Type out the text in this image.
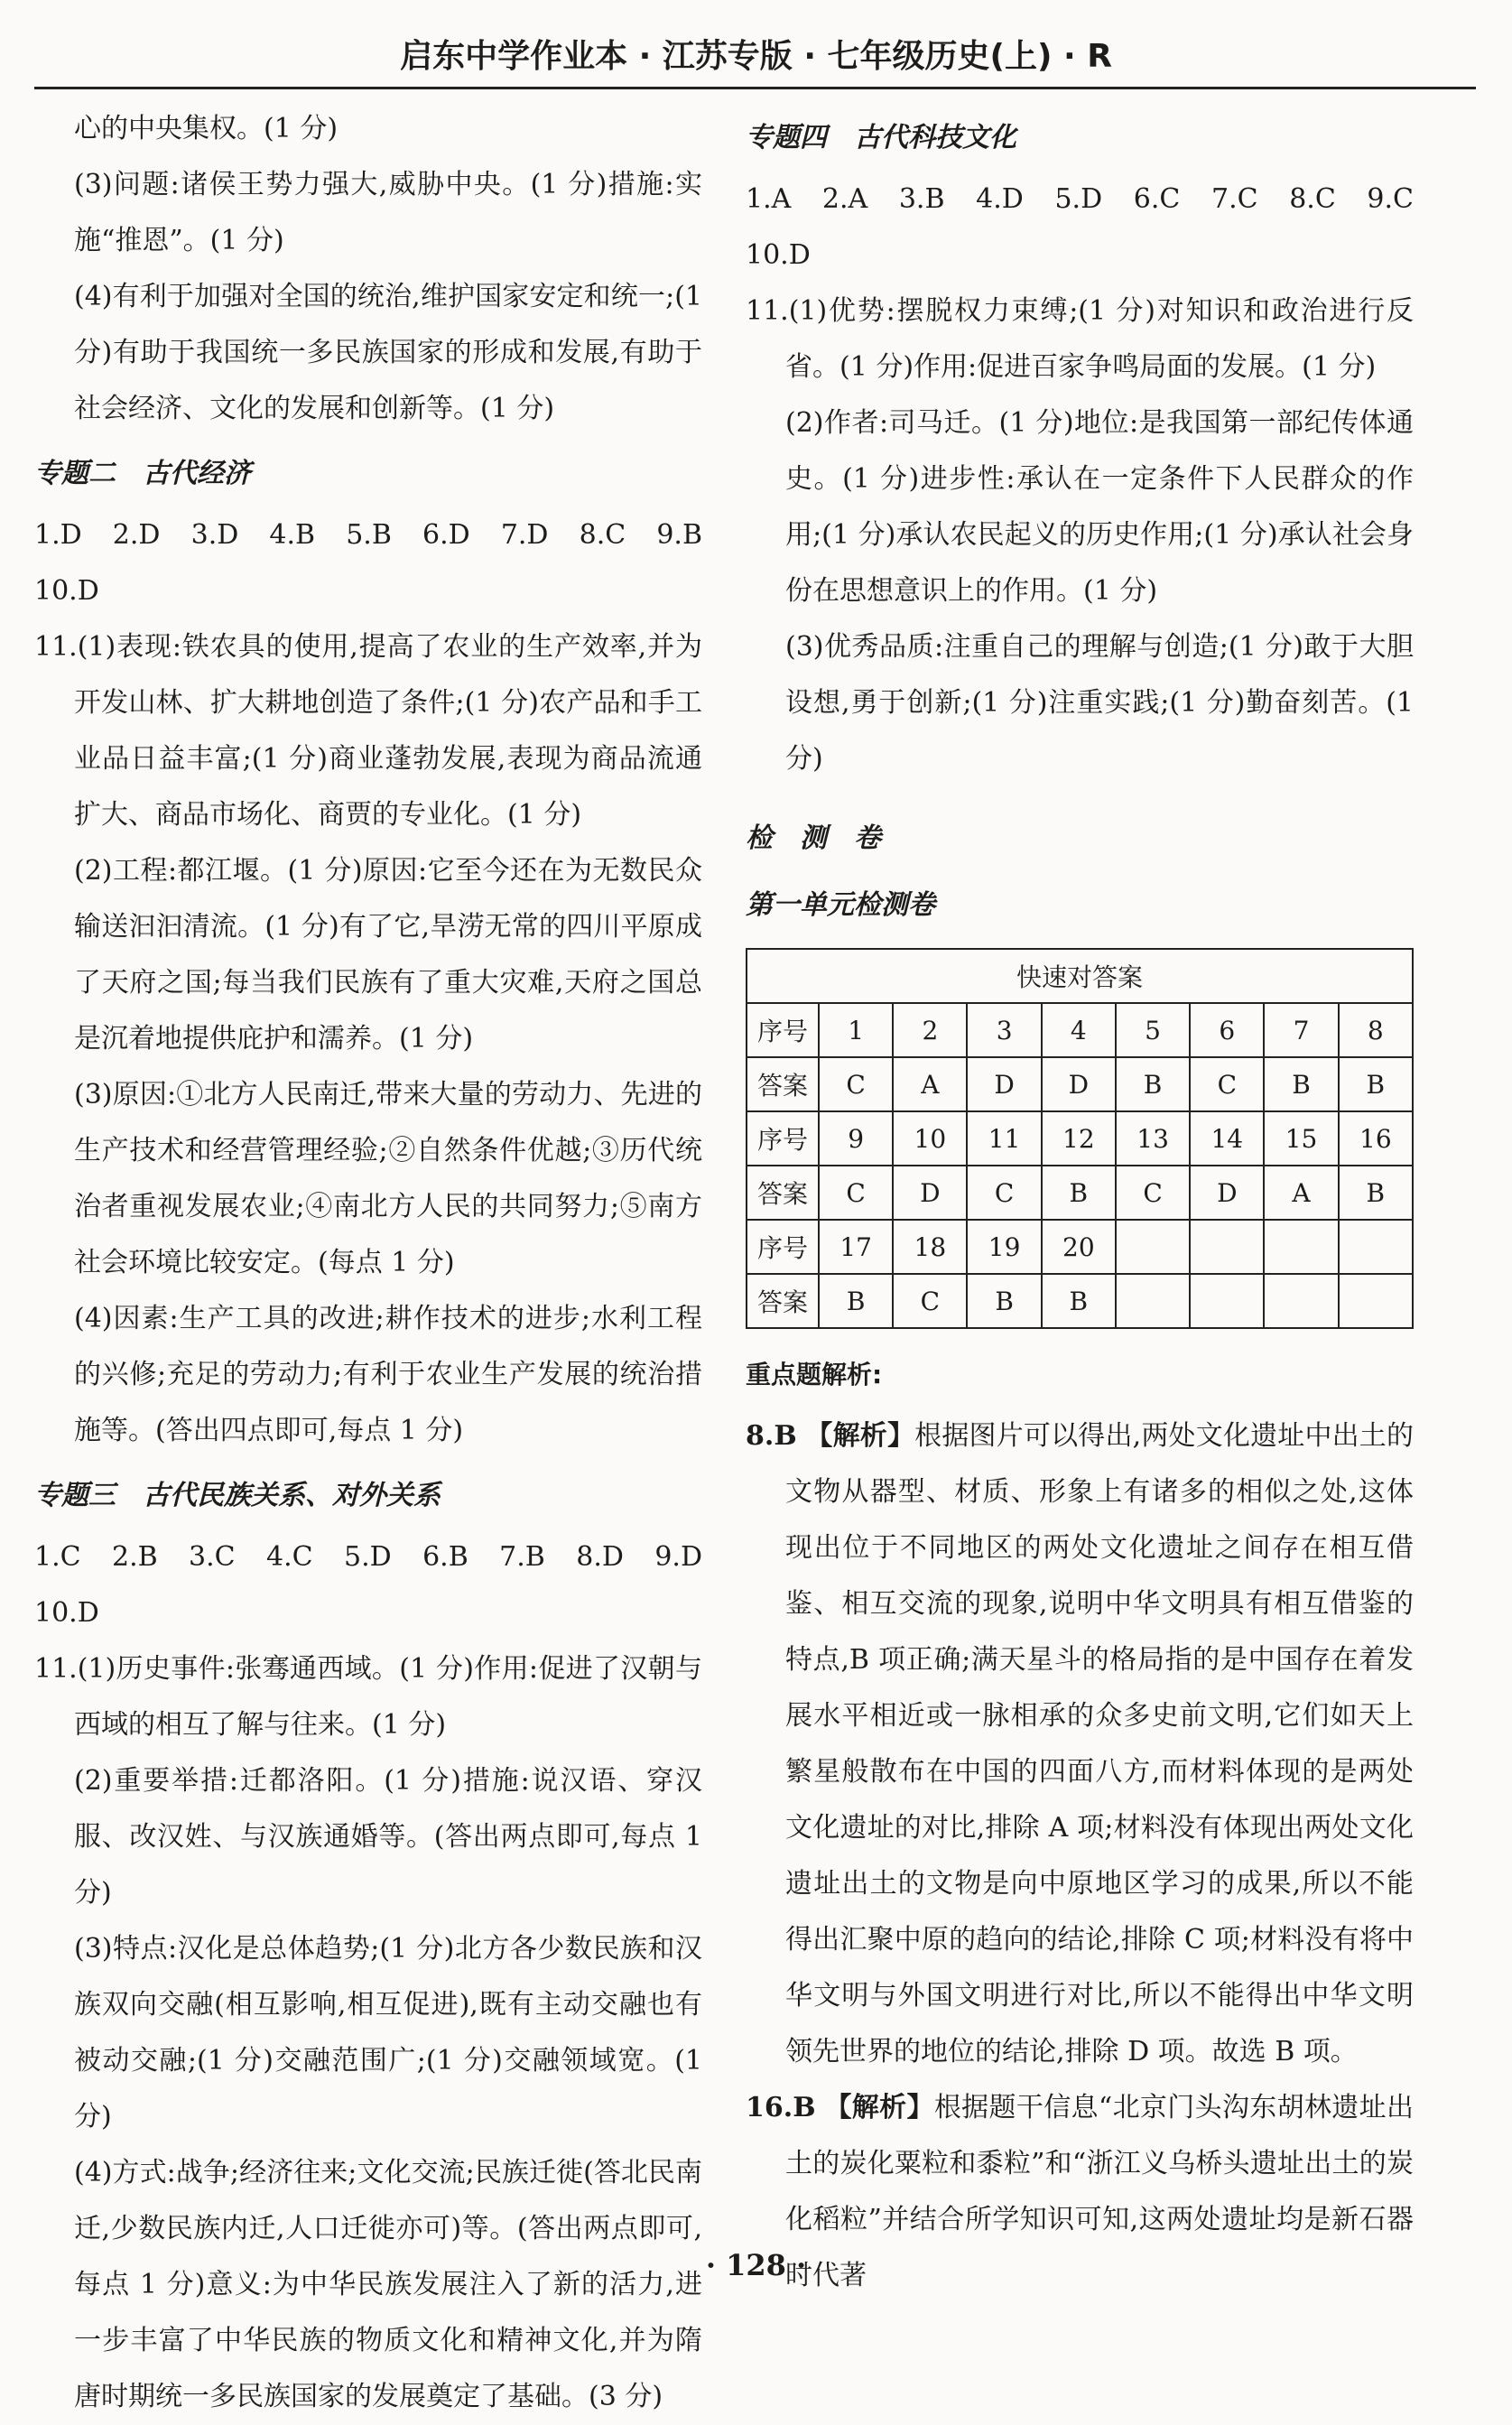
启东中学作业本 · 江苏专版 · 七年级历史(上) · R

心的中央集权。(1 分)

(3)问题:诸侯王势力强大,威胁中央。(1 分)措施:实施“推恩”。(1 分)

(4)有利于加强对全国的统治,维护国家安定和统一;(1 分)有助于我国统一多民族国家的形成和发展,有助于社会经济、文化的发展和创新等。(1 分)

专题二　古代经济

1.D　2.D　3.D　4.B　5.B　6.D　7.D　8.C　9.B　10.D

11.(1)表现:铁农具的使用,提高了农业的生产效率,并为开发山林、扩大耕地创造了条件;(1 分)农产品和手工业品日益丰富;(1 分)商业蓬勃发展,表现为商品流通扩大、商品市场化、商贾的专业化。(1 分)

(2)工程:都江堰。(1 分)原因:它至今还在为无数民众输送汩汩清流。(1 分)有了它,旱涝无常的四川平原成了天府之国;每当我们民族有了重大灾难,天府之国总是沉着地提供庇护和濡养。(1 分)

(3)原因:①北方人民南迁,带来大量的劳动力、先进的生产技术和经营管理经验;②自然条件优越;③历代统治者重视发展农业;④南北方人民的共同努力;⑤南方社会环境比较安定。(每点 1 分)

(4)因素:生产工具的改进;耕作技术的进步;水利工程的兴修;充足的劳动力;有利于农业生产发展的统治措施等。(答出四点即可,每点 1 分)

专题三　古代民族关系、对外关系

1.C　2.B　3.C　4.C　5.D　6.B　7.B　8.D　9.D　10.D

11.(1)历史事件:张骞通西域。(1 分)作用:促进了汉朝与西域的相互了解与往来。(1 分)

(2)重要举措:迁都洛阳。(1 分)措施:说汉语、穿汉服、改汉姓、与汉族通婚等。(答出两点即可,每点 1 分)

(3)特点:汉化是总体趋势;(1 分)北方各少数民族和汉族双向交融(相互影响,相互促进),既有主动交融也有被动交融;(1 分)交融范围广;(1 分)交融领域宽。(1 分)

(4)方式:战争;经济往来;文化交流;民族迁徙(答北民南迁,少数民族内迁,人口迁徙亦可)等。(答出两点即可,每点 1 分)意义:为中华民族发展注入了新的活力,进一步丰富了中华民族的物质文化和精神文化,并为隋唐时期统一多民族国家的发展奠定了基础。(3 分)

专题四　古代科技文化

1.A　2.A　3.B　4.D　5.D　6.C　7.C　8.C　9.C　10.D

11.(1)优势:摆脱权力束缚;(1 分)对知识和政治进行反省。(1 分)作用:促进百家争鸣局面的发展。(1 分)

(2)作者:司马迁。(1 分)地位:是我国第一部纪传体通史。(1 分)进步性:承认在一定条件下人民群众的作用;(1 分)承认农民起义的历史作用;(1 分)承认社会身份在思想意识上的作用。(1 分)

(3)优秀品质:注重自己的理解与创造;(1 分)敢于大胆设想,勇于创新;(1 分)注重实践;(1 分)勤奋刻苦。(1 分)

检测卷

第一单元检测卷

快速对答案								
序号	1	2	3	4	5	6	7	8
答案	C	A	D	D	B	C	B	B
序号	9	10	11	12	13	14	15	16
答案	C	D	C	B	C	D	A	B
序号	17	18	19	20				
答案	B	C	B	B				

重点题解析:

8.B 【解析】根据图片可以得出,两处文化遗址中出土的文物从器型、材质、形象上有诸多的相似之处,这体现出位于不同地区的两处文化遗址之间存在相互借鉴、相互交流的现象,说明中华文明具有相互借鉴的特点,B 项正确;满天星斗的格局指的是中国存在着发展水平相近或一脉相承的众多史前文明,它们如天上繁星般散布在中国的四面八方,而材料体现的是两处文化遗址的对比,排除 A 项;材料没有体现出两处文化遗址出土的文物是向中原地区学习的成果,所以不能得出汇聚中原的趋向的结论,排除 C 项;材料没有将中华文明与外国文明进行对比,所以不能得出中华文明领先世界的地位的结论,排除 D 项。故选 B 项。

16.B 【解析】根据题干信息“北京门头沟东胡林遗址出土的炭化粟粒和黍粒”和“浙江义乌桥头遗址出土的炭化稻粒”并结合所学知识可知,这两处遗址均是新石器时代著

· 128 ·
